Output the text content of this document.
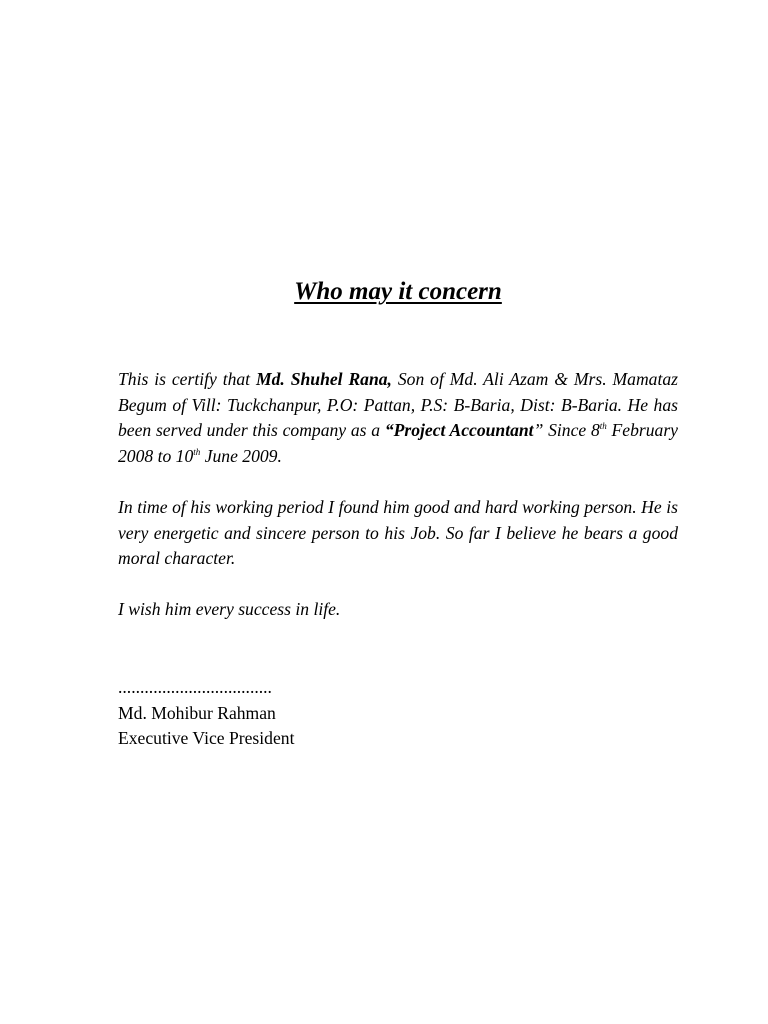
Who may it concern

This is certify that Md. Shuhel Rana, Son of Md. Ali Azam & Mrs. Mamataz Begum of Vill: Tuckchanpur, P.O: Pattan, P.S: B-Baria, Dist: B-Baria. He has been served under this company as a “Project Accountant” Since 8th February 2008 to 10th June 2009.

In time of his working period I found him good and hard working person. He is very energetic and sincere person to his Job. So far I believe he bears a good moral character.

I wish him every success in life.

...................................
Md. Mohibur Rahman
Executive Vice President
